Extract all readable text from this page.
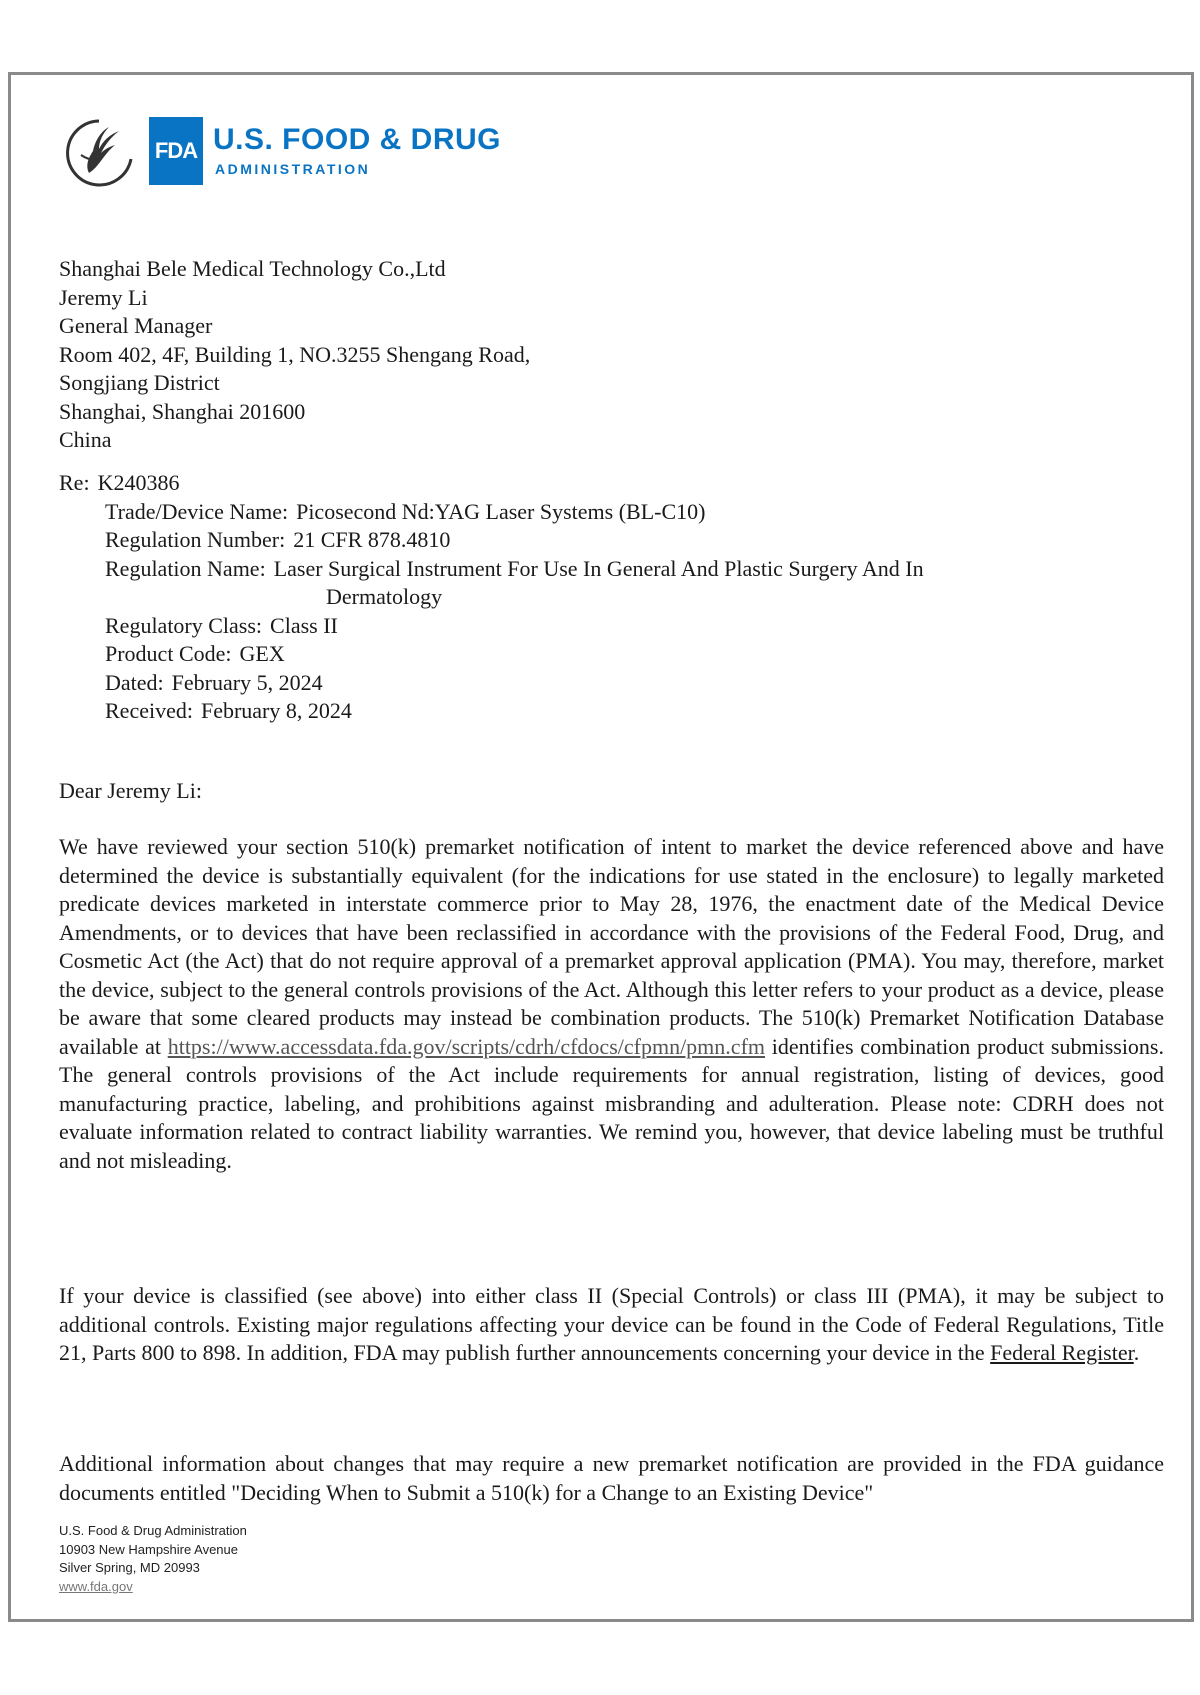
FDA U.S. FOOD & DRUG
ADMINISTRATION
Shanghai Bele Medical Technology Co.,Ltd
Jeremy Li
General Manager
Room 402, 4F, Building 1, NO.3255 Shengang Road,
Songjiang District
Shanghai, Shanghai 201600
China
Re: K240386
Trade/Device Name: Picosecond Nd:YAG Laser Systems (BL-C10)
Regulation Number: 21 CFR 878.4810
Regulation Name: Laser Surgical Instrument For Use In General And Plastic Surgery And In
Dermatology
Regulatory Class: Class II
Product Code: GEX
Dated: February 5, 2024
Received: February 8, 2024
Dear Jeremy Li:
We have reviewed your section 510(k) premarket notification of intent to market the device referenced above and have determined the device is substantially equivalent (for the indications for use stated in the enclosure) to legally marketed predicate devices marketed in interstate commerce prior to May 28, 1976, the enactment date of the Medical Device Amendments, or to devices that have been reclassified in accordance with the provisions of the Federal Food, Drug, and Cosmetic Act (the Act) that do not require approval of a premarket approval application (PMA). You may, therefore, market the device, subject to the general controls provisions of the Act. Although this letter refers to your product as a device, please be aware that some cleared products may instead be combination products. The 510(k) Premarket Notification Database available at https://www.accessdata.fda.gov/scripts/cdrh/cfdocs/cfpmn/pmn.cfm identifies combination product submissions. The general controls provisions of the Act include requirements for annual registration, listing of devices, good manufacturing practice, labeling, and prohibitions against misbranding and adulteration. Please note: CDRH does not evaluate information related to contract liability warranties. We remind you, however, that device labeling must be truthful and not misleading.
If your device is classified (see above) into either class II (Special Controls) or class III (PMA), it may be subject to additional controls. Existing major regulations affecting your device can be found in the Code of Federal Regulations, Title 21, Parts 800 to 898. In addition, FDA may publish further announcements concerning your device in the Federal Register.
Additional information about changes that may require a new premarket notification are provided in the FDA guidance documents entitled "Deciding When to Submit a 510(k) for a Change to an Existing Device"
U.S. Food & Drug Administration
10903 New Hampshire Avenue
Silver Spring, MD 20993
www.fda.gov
